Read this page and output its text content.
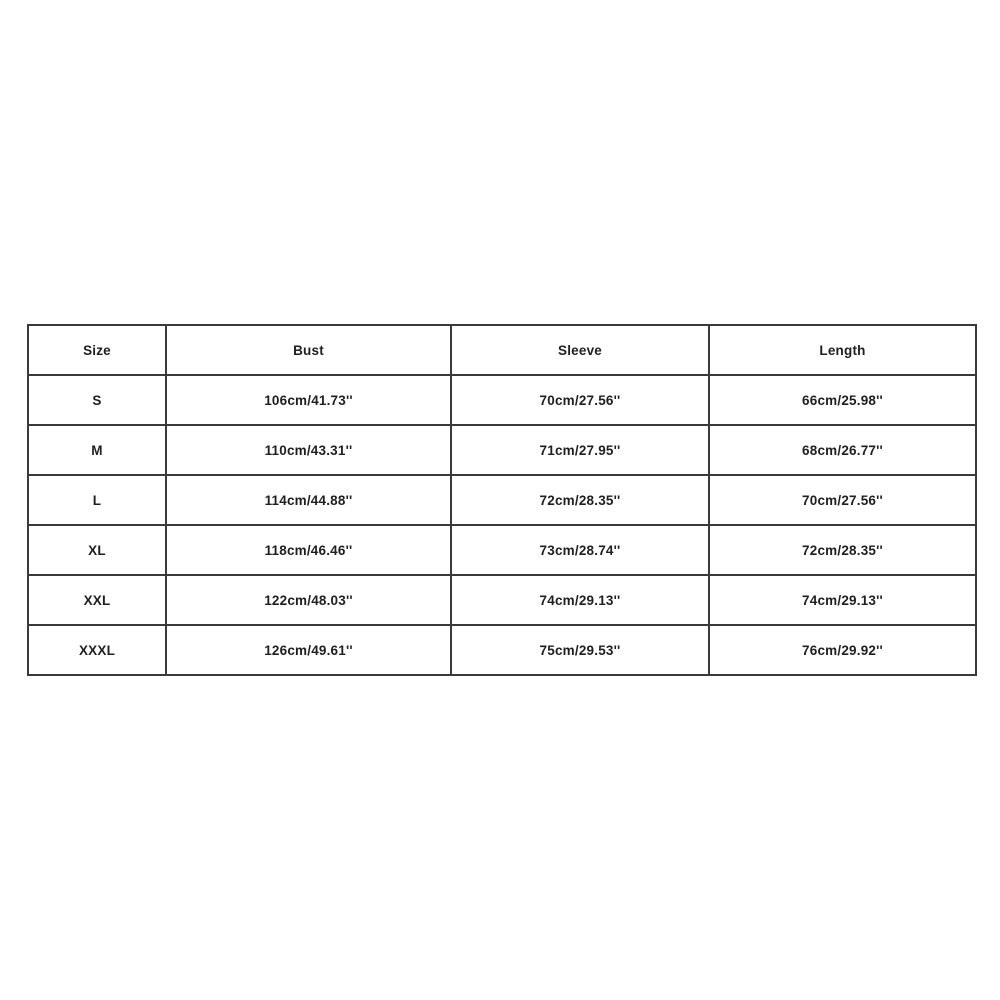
Size	Bust	Sleeve	Length
S	106cm/41.73''	70cm/27.56''	66cm/25.98''
M	110cm/43.31''	71cm/27.95''	68cm/26.77''
L	114cm/44.88''	72cm/28.35''	70cm/27.56''
XL	118cm/46.46''	73cm/28.74''	72cm/28.35''
XXL	122cm/48.03''	74cm/29.13''	74cm/29.13''
XXXL	126cm/49.61''	75cm/29.53''	76cm/29.92''
